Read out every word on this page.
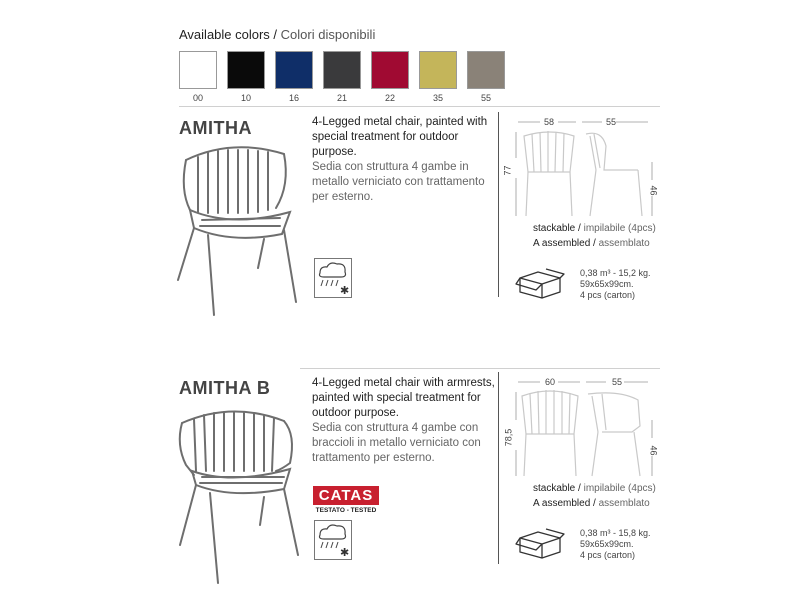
Available colors / Colori disponibili
00	10	16	21	22	35	55
AMITHA	4-Legged metal chair, painted with special treatment for outdoor purpose.
Sedia con struttura 4 gambe in metallo verniciato con trattamento per esterno.
✱
58	55
77
46
stackable / impilabile (4pcs)
A assembled / assemblato
0,38 m³ - 15,2 kg.
59x65x99cm.
4 pcs (carton)
AMITHA B	4-Legged metal chair with armrests, painted with special treatment for outdoor purpose.
Sedia con struttura 4 gambe con braccioli in metallo verniciato con trattamento per esterno.
CATAS
TESTATO - TESTED
✱
60	55
78,5
46
stackable / impilabile (4pcs)
A assembled / assemblato
0,38 m³ - 15,8 kg.
59x65x99cm.
4 pcs (carton)
